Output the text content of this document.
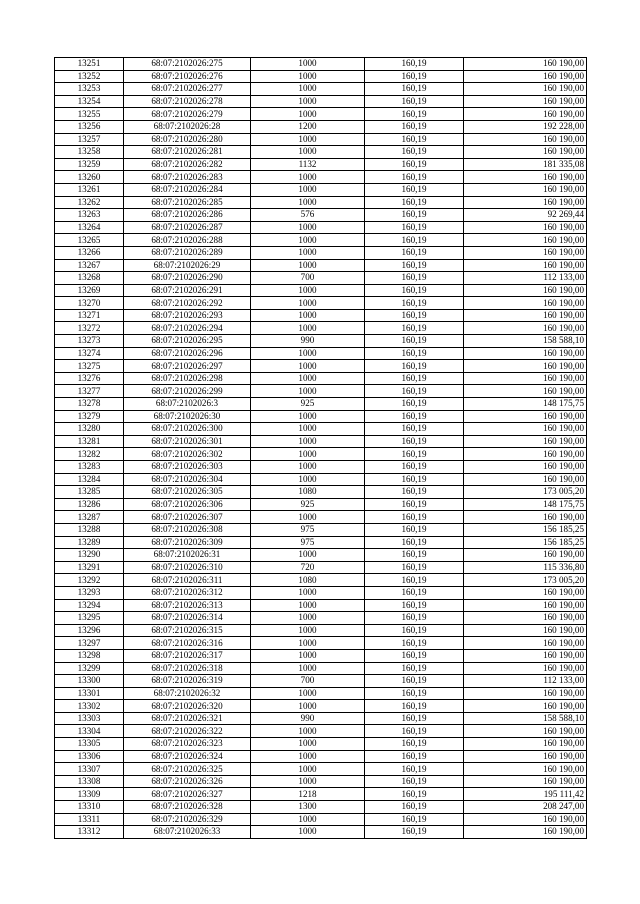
13251	68:07:2102026:275	1000	160,19	160 190,00
13252	68:07:2102026:276	1000	160,19	160 190,00
13253	68:07:2102026:277	1000	160,19	160 190,00
13254	68:07:2102026:278	1000	160,19	160 190,00
13255	68:07:2102026:279	1000	160,19	160 190,00
13256	68:07:2102026:28	1200	160,19	192 228,00
13257	68:07:2102026:280	1000	160,19	160 190,00
13258	68:07:2102026:281	1000	160,19	160 190,00
13259	68:07:2102026:282	1132	160,19	181 335,08
13260	68:07:2102026:283	1000	160,19	160 190,00
13261	68:07:2102026:284	1000	160,19	160 190,00
13262	68:07:2102026:285	1000	160,19	160 190,00
13263	68:07:2102026:286	576	160,19	92 269,44
13264	68:07:2102026:287	1000	160,19	160 190,00
13265	68:07:2102026:288	1000	160,19	160 190,00
13266	68:07:2102026:289	1000	160,19	160 190,00
13267	68:07:2102026:29	1000	160,19	160 190,00
13268	68:07:2102026:290	700	160,19	112 133,00
13269	68:07:2102026:291	1000	160,19	160 190,00
13270	68:07:2102026:292	1000	160,19	160 190,00
13271	68:07:2102026:293	1000	160,19	160 190,00
13272	68:07:2102026:294	1000	160,19	160 190,00
13273	68:07:2102026:295	990	160,19	158 588,10
13274	68:07:2102026:296	1000	160,19	160 190,00
13275	68:07:2102026:297	1000	160,19	160 190,00
13276	68:07:2102026:298	1000	160,19	160 190,00
13277	68:07:2102026:299	1000	160,19	160 190,00
13278	68:07:2102026:3	925	160,19	148 175,75
13279	68:07:2102026:30	1000	160,19	160 190,00
13280	68:07:2102026:300	1000	160,19	160 190,00
13281	68:07:2102026:301	1000	160,19	160 190,00
13282	68:07:2102026:302	1000	160,19	160 190,00
13283	68:07:2102026:303	1000	160,19	160 190,00
13284	68:07:2102026:304	1000	160,19	160 190,00
13285	68:07:2102026:305	1080	160,19	173 005,20
13286	68:07:2102026:306	925	160,19	148 175,75
13287	68:07:2102026:307	1000	160,19	160 190,00
13288	68:07:2102026:308	975	160,19	156 185,25
13289	68:07:2102026:309	975	160,19	156 185,25
13290	68:07:2102026:31	1000	160,19	160 190,00
13291	68:07:2102026:310	720	160,19	115 336,80
13292	68:07:2102026:311	1080	160,19	173 005,20
13293	68:07:2102026:312	1000	160,19	160 190,00
13294	68:07:2102026:313	1000	160,19	160 190,00
13295	68:07:2102026:314	1000	160,19	160 190,00
13296	68:07:2102026:315	1000	160,19	160 190,00
13297	68:07:2102026:316	1000	160,19	160 190,00
13298	68:07:2102026:317	1000	160,19	160 190,00
13299	68:07:2102026:318	1000	160,19	160 190,00
13300	68:07:2102026:319	700	160,19	112 133,00
13301	68:07:2102026:32	1000	160,19	160 190,00
13302	68:07:2102026:320	1000	160,19	160 190,00
13303	68:07:2102026:321	990	160,19	158 588,10
13304	68:07:2102026:322	1000	160,19	160 190,00
13305	68:07:2102026:323	1000	160,19	160 190,00
13306	68:07:2102026:324	1000	160,19	160 190,00
13307	68:07:2102026:325	1000	160,19	160 190,00
13308	68:07:2102026:326	1000	160,19	160 190,00
13309	68:07:2102026:327	1218	160,19	195 111,42
13310	68:07:2102026:328	1300	160,19	208 247,00
13311	68:07:2102026:329	1000	160,19	160 190,00
13312	68:07:2102026:33	1000	160,19	160 190,00
